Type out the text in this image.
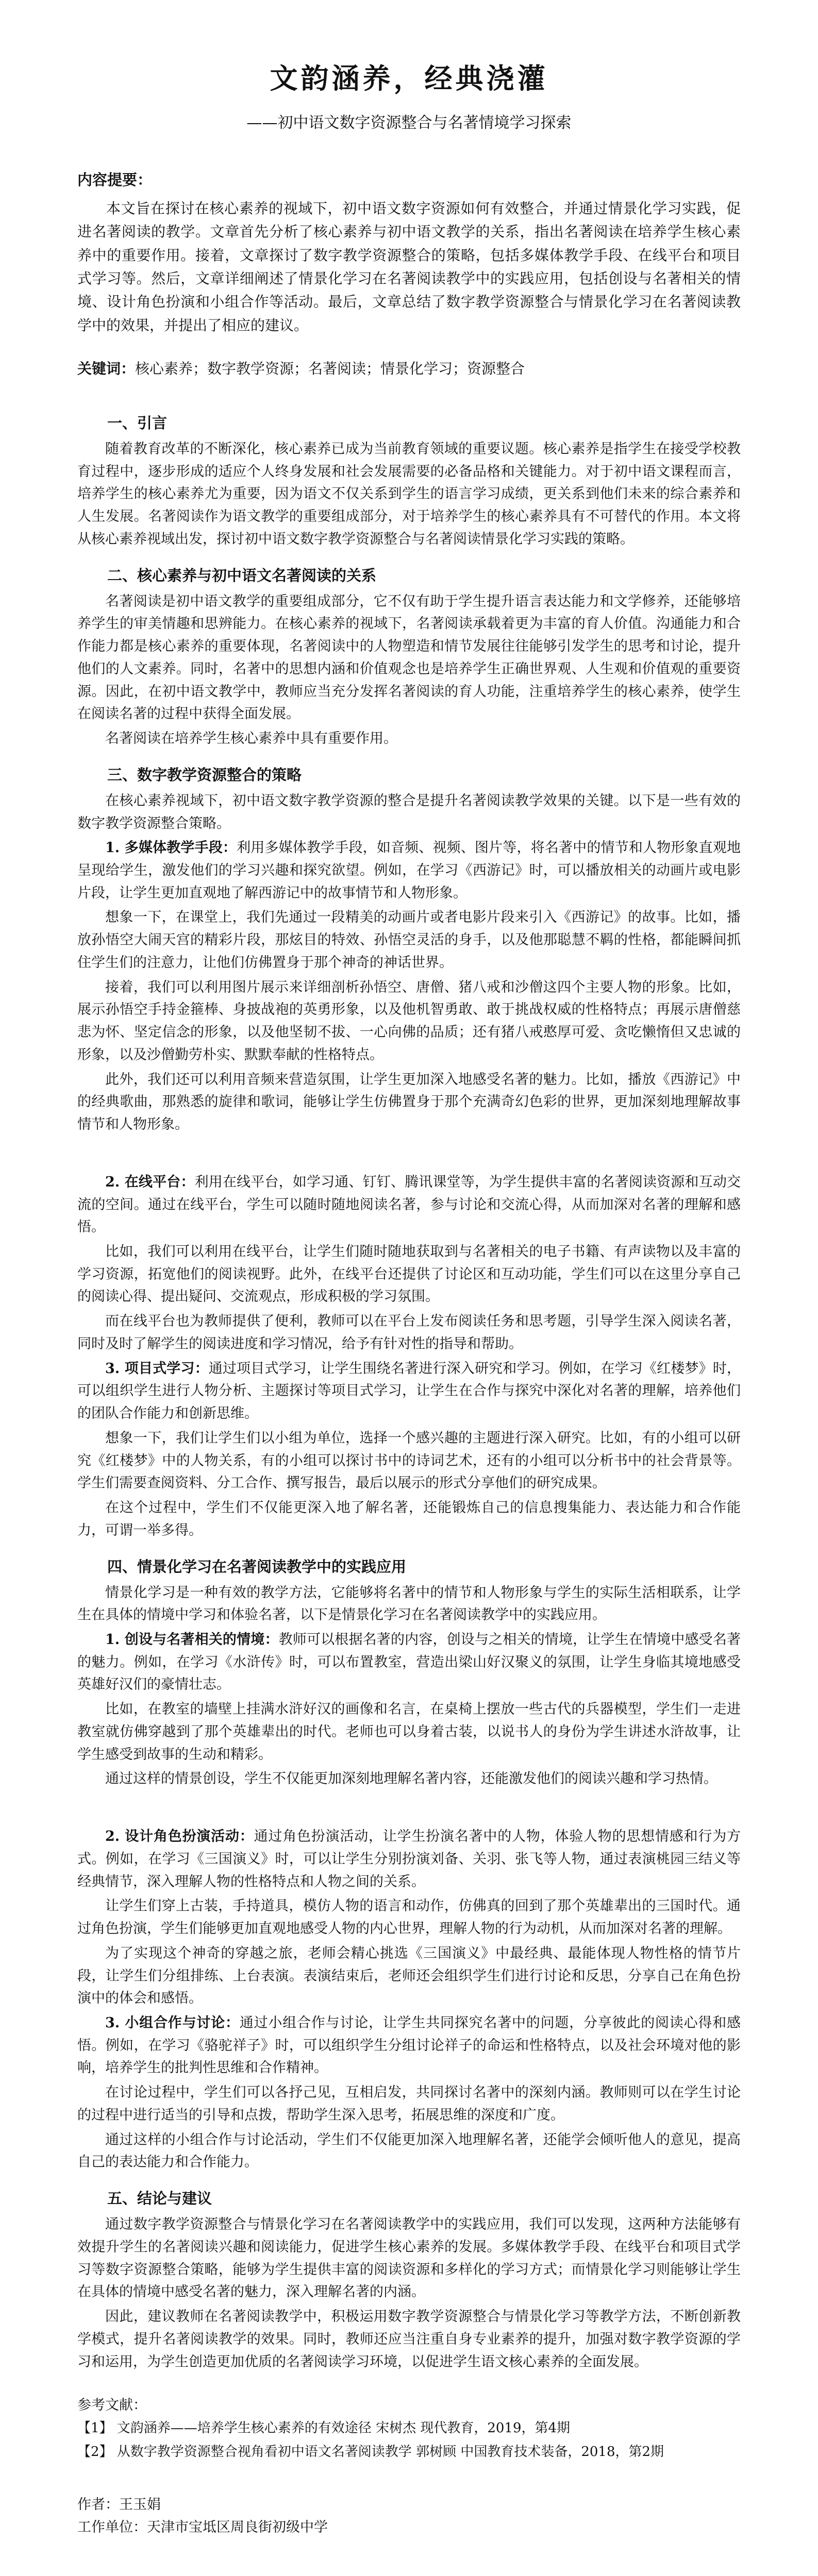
文韵涵养，经典浇灌
——初中语文数字资源整合与名著情境学习探索
内容提要：

本文旨在探讨在核心素养的视域下，初中语文数字资源如何有效整合，并通过情景化学习实践，促进名著阅读的教学。文章首先分析了核心素养与初中语文教学的关系，指出名著阅读在培养学生核心素养中的重要作用。接着，文章探讨了数字教学资源整合的策略，包括多媒体教学手段、在线平台和项目式学习等。然后，文章详细阐述了情景化学习在名著阅读教学中的实践应用，包括创设与名著相关的情境、设计角色扮演和小组合作等活动。最后，文章总结了数字教学资源整合与情景化学习在名著阅读教学中的效果，并提出了相应的建议。

关键词：核心素养；数字教学资源；名著阅读；情景化学习；资源整合
一、引言

随着教育改革的不断深化，核心素养已成为当前教育领域的重要议题。核心素养是指学生在接受学校教育过程中，逐步形成的适应个人终身发展和社会发展需要的必备品格和关键能力。对于初中语文课程而言，培养学生的核心素养尤为重要，因为语文不仅关系到学生的语言学习成绩，更关系到他们未来的综合素养和人生发展。名著阅读作为语文教学的重要组成部分，对于培养学生的核心素养具有不可替代的作用。本文将从核心素养视域出发，探讨初中语文数字教学资源整合与名著阅读情景化学习实践的策略。

二、核心素养与初中语文名著阅读的关系

名著阅读是初中语文教学的重要组成部分，它不仅有助于学生提升语言表达能力和文学修养，还能够培养学生的审美情趣和思辨能力。在核心素养的视域下，名著阅读承载着更为丰富的育人价值。沟通能力和合作能力都是核心素养的重要体现，名著阅读中的人物塑造和情节发展往往能够引发学生的思考和讨论，提升他们的人文素养。同时，名著中的思想内涵和价值观念也是培养学生正确世界观、人生观和价值观的重要资源。因此，在初中语文教学中，教师应当充分发挥名著阅读的育人功能，注重培养学生的核心素养，使学生在阅读名著的过程中获得全面发展。

名著阅读在培养学生核心素养中具有重要作用。

三、数字教学资源整合的策略

在核心素养视域下，初中语文数字教学资源的整合是提升名著阅读教学效果的关键。以下是一些有效的数字教学资源整合策略。

1. 多媒体教学手段：利用多媒体教学手段，如音频、视频、图片等，将名著中的情节和人物形象直观地呈现给学生，激发他们的学习兴趣和探究欲望。例如，在学习《西游记》时，可以播放相关的动画片或电影片段，让学生更加直观地了解西游记中的故事情节和人物形象。

想象一下，在课堂上，我们先通过一段精美的动画片或者电影片段来引入《西游记》的故事。比如，播放孙悟空大闹天宫的精彩片段，那炫目的特效、孙悟空灵活的身手，以及他那聪慧不羁的性格，都能瞬间抓住学生们的注意力，让他们仿佛置身于那个神奇的神话世界。

接着，我们可以利用图片展示来详细剖析孙悟空、唐僧、猪八戒和沙僧这四个主要人物的形象。比如，展示孙悟空手持金箍棒、身披战袍的英勇形象，以及他机智勇敢、敢于挑战权威的性格特点；再展示唐僧慈悲为怀、坚定信念的形象，以及他坚韧不拔、一心向佛的品质；还有猪八戒憨厚可爱、贪吃懒惰但又忠诚的形象，以及沙僧勤劳朴实、默默奉献的性格特点。

此外，我们还可以利用音频来营造氛围，让学生更加深入地感受名著的魅力。比如，播放《西游记》中的经典歌曲，那熟悉的旋律和歌词，能够让学生仿佛置身于那个充满奇幻色彩的世界，更加深刻地理解故事情节和人物形象。

2. 在线平台：利用在线平台，如学习通、钉钉、腾讯课堂等，为学生提供丰富的名著阅读资源和互动交流的空间。通过在线平台，学生可以随时随地阅读名著，参与讨论和交流心得，从而加深对名著的理解和感悟。

比如，我们可以利用在线平台，让学生们随时随地获取到与名著相关的电子书籍、有声读物以及丰富的学习资源，拓宽他们的阅读视野。此外，在线平台还提供了讨论区和互动功能，学生们可以在这里分享自己的阅读心得、提出疑问、交流观点，形成积极的学习氛围。

而在线平台也为教师提供了便利，教师可以在平台上发布阅读任务和思考题，引导学生深入阅读名著，同时及时了解学生的阅读进度和学习情况，给予有针对性的指导和帮助。

3. 项目式学习：通过项目式学习，让学生围绕名著进行深入研究和学习。例如，在学习《红楼梦》时，可以组织学生进行人物分析、主题探讨等项目式学习，让学生在合作与探究中深化对名著的理解，培养他们的团队合作能力和创新思维。

想象一下，我们让学生们以小组为单位，选择一个感兴趣的主题进行深入研究。比如，有的小组可以研究《红楼梦》中的人物关系，有的小组可以探讨书中的诗词艺术，还有的小组可以分析书中的社会背景等。学生们需要查阅资料、分工合作、撰写报告，最后以展示的形式分享他们的研究成果。

在这个过程中，学生们不仅能更深入地了解名著，还能锻炼自己的信息搜集能力、表达能力和合作能力，可谓一举多得。

四、情景化学习在名著阅读教学中的实践应用

情景化学习是一种有效的教学方法，它能够将名著中的情节和人物形象与学生的实际生活相联系，让学生在具体的情境中学习和体验名著，以下是情景化学习在名著阅读教学中的实践应用。

1. 创设与名著相关的情境：教师可以根据名著的内容，创设与之相关的情境，让学生在情境中感受名著的魅力。例如，在学习《水浒传》时，可以布置教室，营造出梁山好汉聚义的氛围，让学生身临其境地感受英雄好汉们的豪情壮志。

比如，在教室的墙壁上挂满水浒好汉的画像和名言，在桌椅上摆放一些古代的兵器模型，学生们一走进教室就仿佛穿越到了那个英雄辈出的时代。老师也可以身着古装，以说书人的身份为学生讲述水浒故事，让学生感受到故事的生动和精彩。

通过这样的情景创设，学生不仅能更加深刻地理解名著内容，还能激发他们的阅读兴趣和学习热情。

2. 设计角色扮演活动：通过角色扮演活动，让学生扮演名著中的人物，体验人物的思想情感和行为方式。例如，在学习《三国演义》时，可以让学生分别扮演刘备、关羽、张飞等人物，通过表演桃园三结义等经典情节，深入理解人物的性格特点和人物之间的关系。

让学生们穿上古装，手持道具，模仿人物的语言和动作，仿佛真的回到了那个英雄辈出的三国时代。通过角色扮演，学生们能够更加直观地感受人物的内心世界，理解人物的行为动机，从而加深对名著的理解。

为了实现这个神奇的穿越之旅，老师会精心挑选《三国演义》中最经典、最能体现人物性格的情节片段，让学生们分组排练、上台表演。表演结束后，老师还会组织学生们进行讨论和反思，分享自己在角色扮演中的体会和感悟。

3. 小组合作与讨论：通过小组合作与讨论，让学生共同探究名著中的问题，分享彼此的阅读心得和感悟。例如，在学习《骆驼祥子》时，可以组织学生分组讨论祥子的命运和性格特点，以及社会环境对他的影响，培养学生的批判性思维和合作精神。

在讨论过程中，学生们可以各抒己见，互相启发，共同探讨名著中的深刻内涵。教师则可以在学生讨论的过程中进行适当的引导和点拨，帮助学生深入思考，拓展思维的深度和广度。

通过这样的小组合作与讨论活动，学生们不仅能更加深入地理解名著，还能学会倾听他人的意见，提高自己的表达能力和合作能力。

五、结论与建议

通过数字教学资源整合与情景化学习在名著阅读教学中的实践应用，我们可以发现，这两种方法能够有效提升学生的名著阅读兴趣和阅读能力，促进学生核心素养的发展。多媒体教学手段、在线平台和项目式学习等数字资源整合策略，能够为学生提供丰富的阅读资源和多样化的学习方式；而情景化学习则能够让学生在具体的情境中感受名著的魅力，深入理解名著的内涵。

因此，建议教师在名著阅读教学中，积极运用数字教学资源整合与情景化学习等教学方法，不断创新教学模式，提升名著阅读教学的效果。同时，教师还应当注重自身专业素养的提升，加强对数字教学资源的学习和运用，为学生创造更加优质的名著阅读学习环境，以促进学生语文核心素养的全面发展。

参考文献：
【1】 文韵涵养——培养学生核心素养的有效途径 宋树杰 现代教育，2019，第4期
【2】 从数字教学资源整合视角看初中语文名著阅读教学 郭树顾 中国教育技术装备，2018，第2期
作者：王玉娟
工作单位：天津市宝坻区周良街初级中学
